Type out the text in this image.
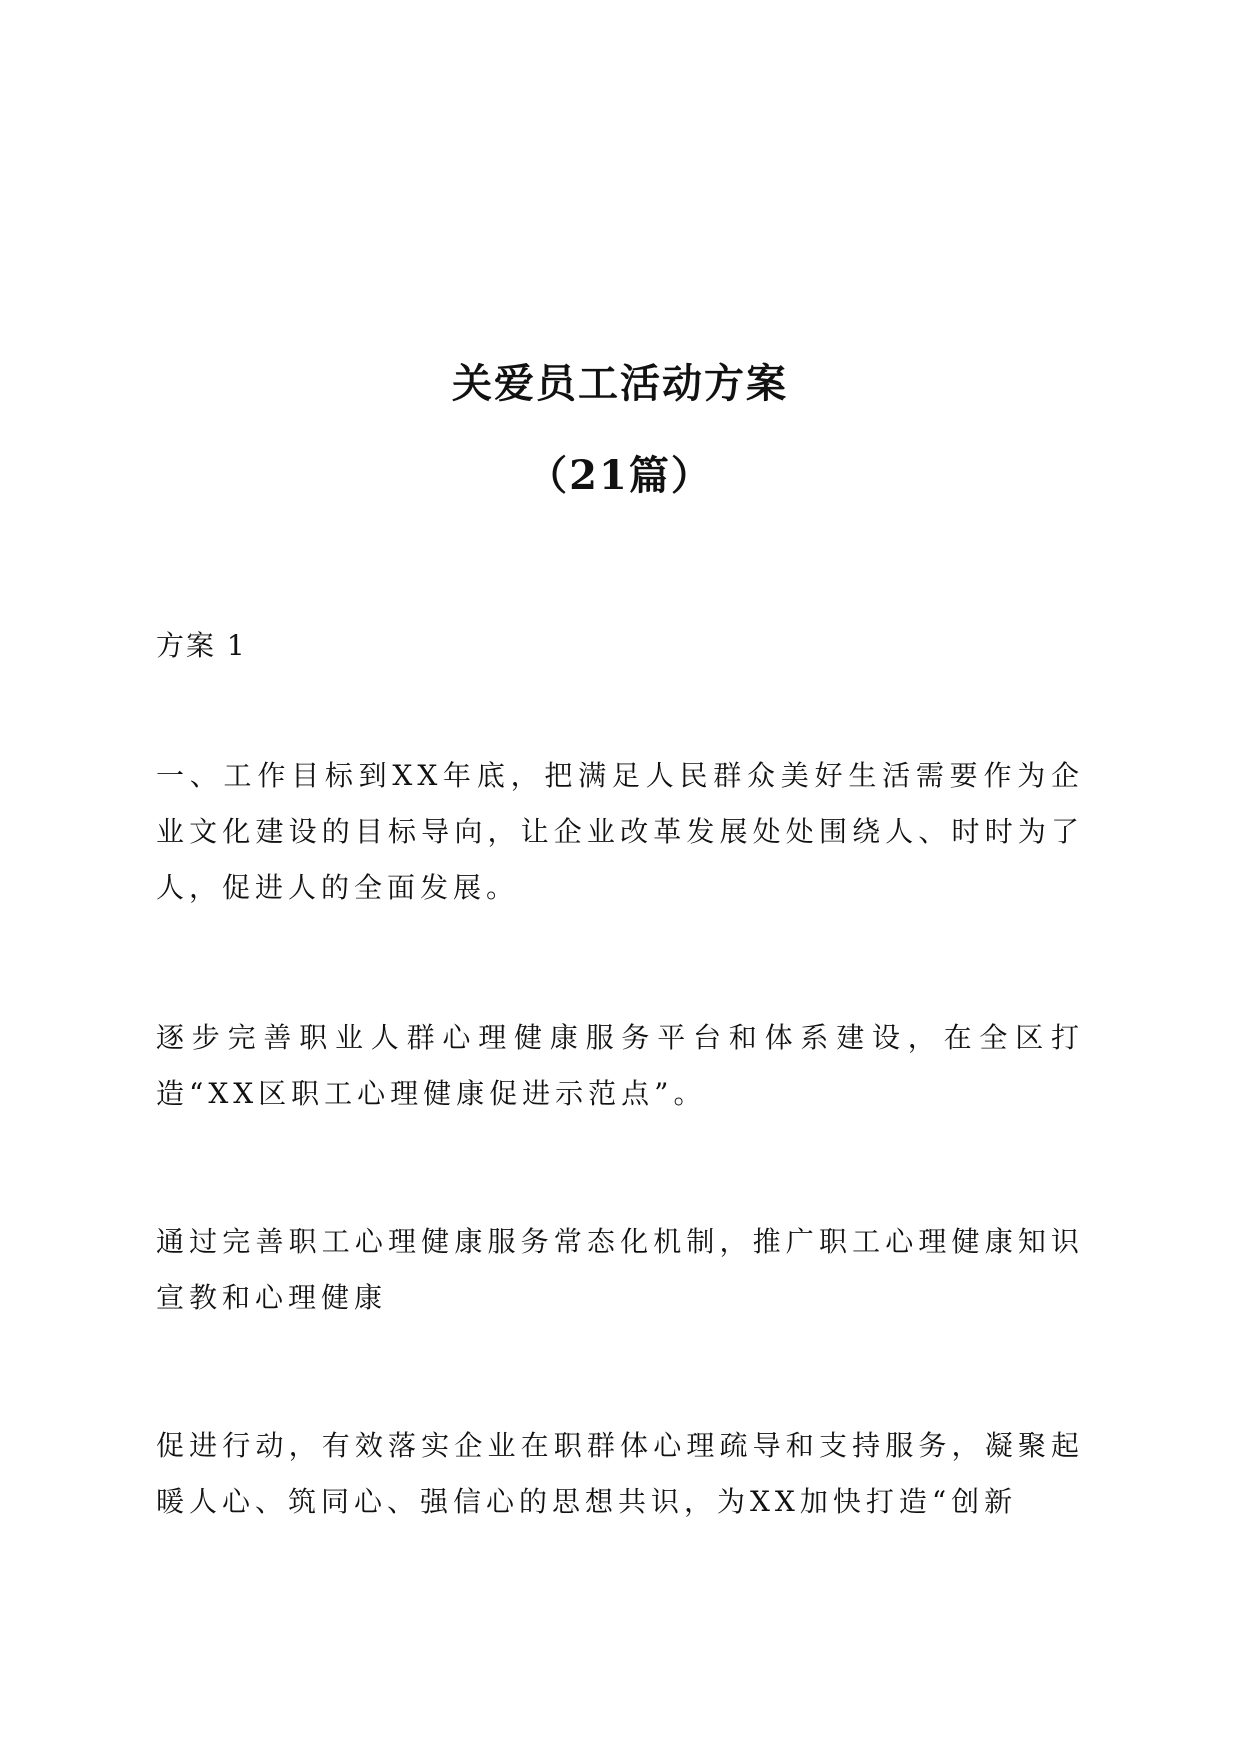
关爱员工活动方案
（21篇）

方案 1

一、工作目标到XX年底，把满足人民群众美好生活需要作为企业文化建设的目标导向，让企业改革发展处处围绕人、时时为了人，促进人的全面发展。

逐步完善职业人群心理健康服务平台和体系建设，在全区打造“XX区职工心理健康促进示范点”。

通过完善职工心理健康服务常态化机制，推广职工心理健康知识宣教和心理健康

促进行动，有效落实企业在职群体心理疏导和支持服务，凝聚起暖人心、筑同心、强信心的思想共识，为XX加快打造“创新
